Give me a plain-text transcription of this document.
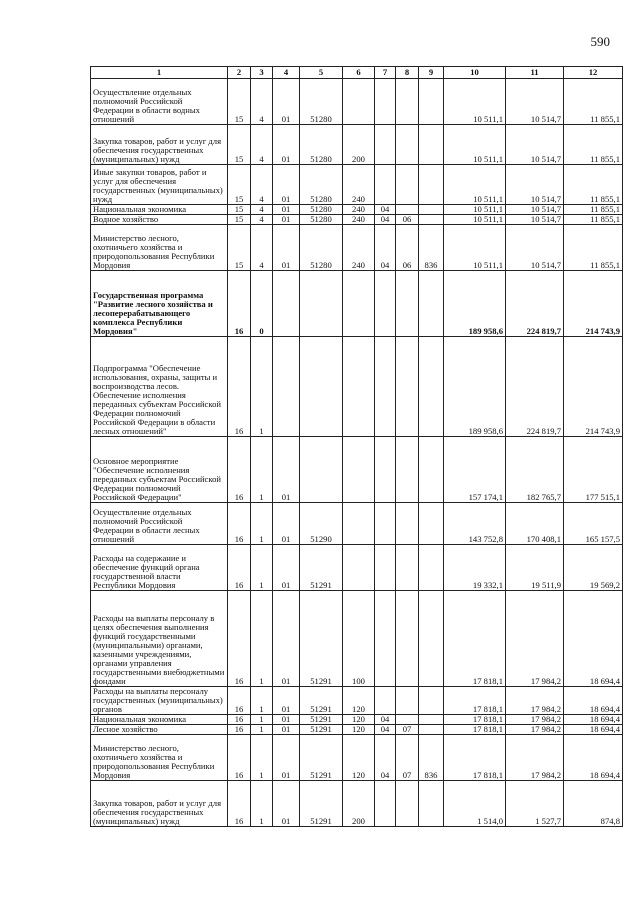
590
1	2	3	4	5	6	7	8	9	10	11	12
Осуществление отдельных полномочий Российской Федерации в области водных отношений	15	4	01	51280					10 511,1	10 514,7	11 855,1
Закупка товаров, работ и услуг для обеспечения государственных (муниципальных) нужд	15	4	01	51280	200				10 511,1	10 514,7	11 855,1
Иные закупки товаров, работ и услуг для обеспечения государственных (муниципальных) нужд	15	4	01	51280	240				10 511,1	10 514,7	11 855,1
Национальная экономика	15	4	01	51280	240	04			10 511,1	10 514,7	11 855,1
Водное хозяйство	15	4	01	51280	240	04	06		10 511,1	10 514,7	11 855,1
Министерство лесного, охотничьего хозяйства и природопользования Республики Мордовия	15	4	01	51280	240	04	06	836	10 511,1	10 514,7	11 855,1
Государственная программа "Развитие лесного хозяйства и лесоперерабатывающего комплекса Республики Мордовия"	16	0							189 958,6	224 819,7	214 743,9
Подпрограмма "Обеспечение использования, охраны, защиты и воспроизводства лесов. Обеспечение исполнения переданных субъектам Российской Федерации полномочий Российской Федерации в области лесных отношений"	16	1							189 958,6	224 819,7	214 743,9
Основное мероприятие "Обеспечение исполнения переданных субъектам Российской Федерации полномочий Российской Федерации"	16	1	01						157 174,1	182 765,7	177 515,1
Осуществление отдельных полномочий Российской Федерации в области лесных отношений	16	1	01	51290					143 752,8	170 408,1	165 157,5
Расходы на содержание и обеспечение функций органа государственной власти Республики Мордовия	16	1	01	51291					19 332,1	19 511,9	19 569,2
Расходы на выплаты персоналу в целях обеспечения выполнения функций государственными (муниципальными) органами, казенными учреждениями, органами управления государственными внебюджетными фондами	16	1	01	51291	100				17 818,1	17 984,2	18 694,4
Расходы на выплаты персоналу государственных (муниципальных) органов	16	1	01	51291	120				17 818,1	17 984,2	18 694,4
Национальная экономика	16	1	01	51291	120	04			17 818,1	17 984,2	18 694,4
Лесное хозяйство	16	1	01	51291	120	04	07		17 818,1	17 984,2	18 694,4
Министерство лесного, охотничьего хозяйства и природопользования Республики Мордовия	16	1	01	51291	120	04	07	836	17 818,1	17 984,2	18 694,4
Закупка товаров, работ и услуг для обеспечения государственных (муниципальных) нужд	16	1	01	51291	200				1 514,0	1 527,7	874,8
